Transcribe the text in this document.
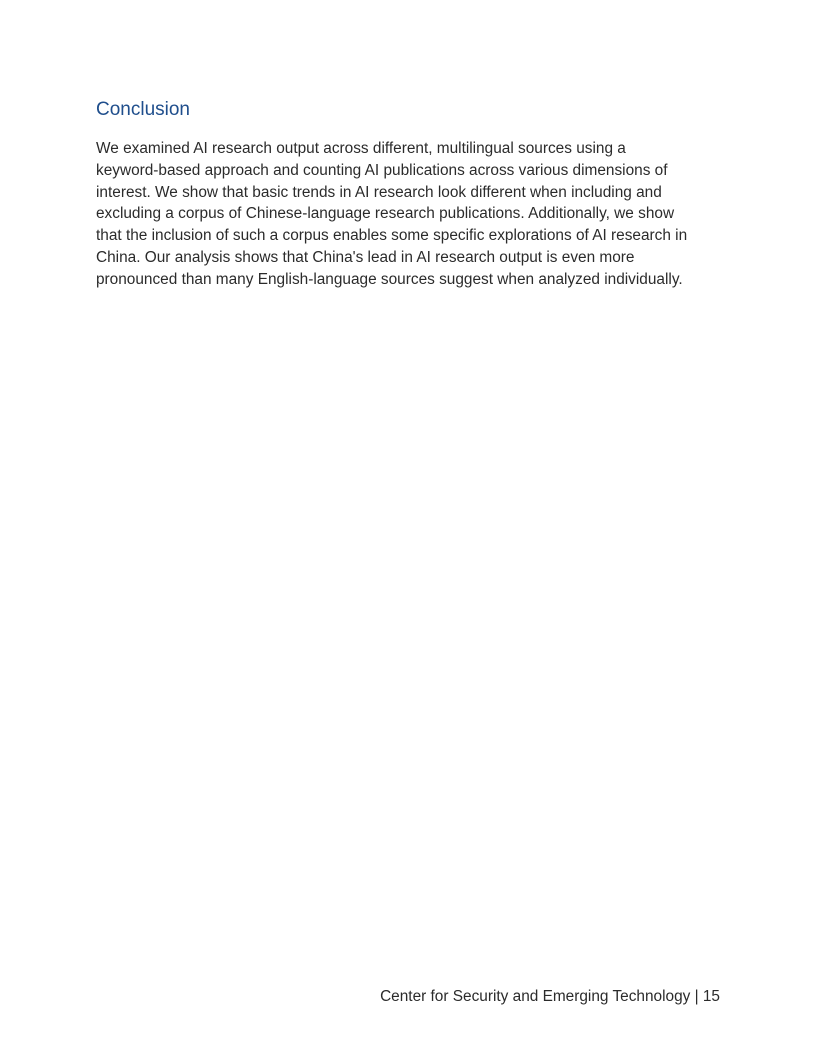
Conclusion
We examined AI research output across different, multilingual sources using a
keyword-based approach and counting AI publications across various dimensions of
interest. We show that basic trends in AI research look different when including and
excluding a corpus of Chinese-language research publications. Additionally, we show
that the inclusion of such a corpus enables some specific explorations of AI research in
China. Our analysis shows that China's lead in AI research output is even more
pronounced than many English-language sources suggest when analyzed individually.
Center for Security and Emerging Technology | 15
